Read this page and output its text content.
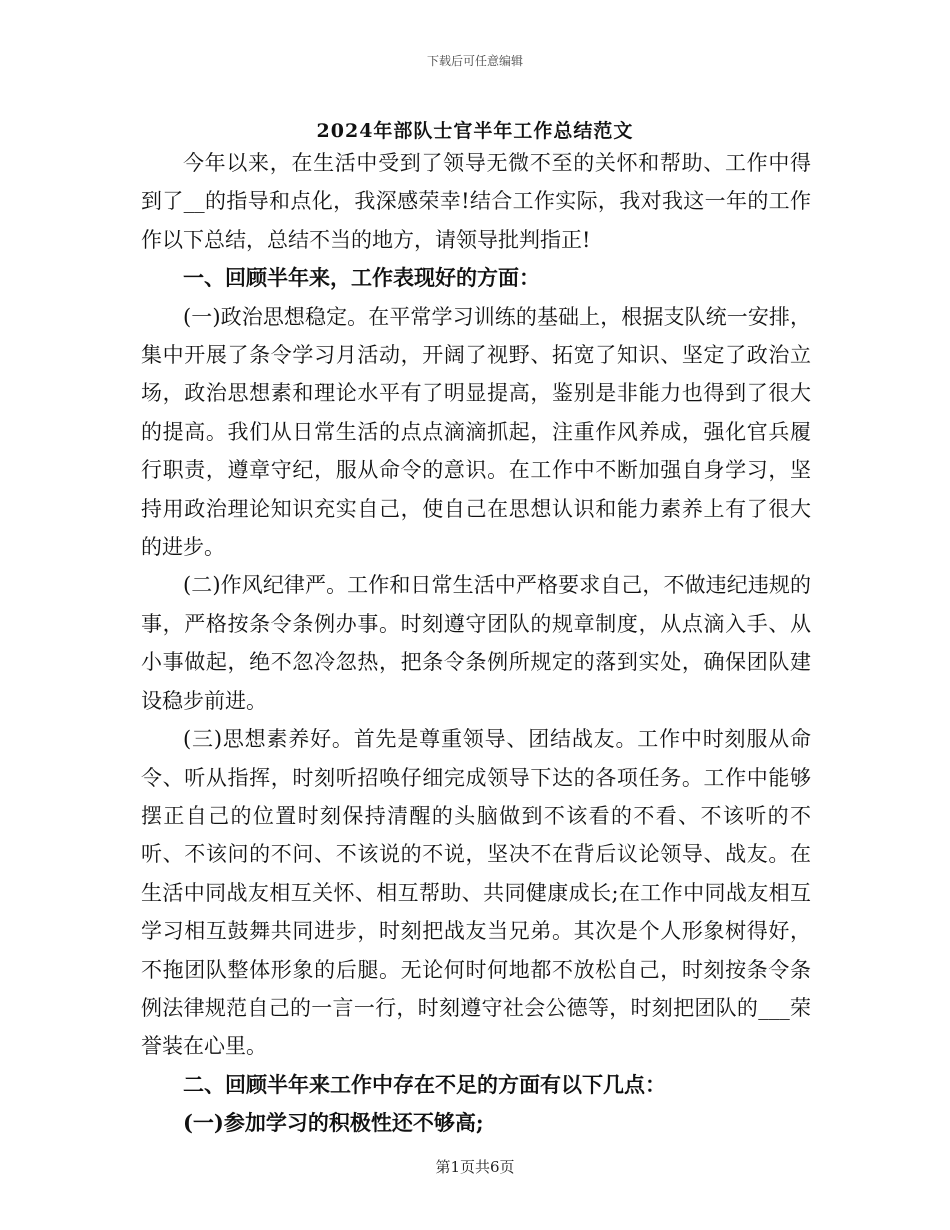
下载后可任意编辑
2024年部队士官半年工作总结范文

今年以来，在生活中受到了领导无微不至的关怀和帮助、工作中得到了__的指导和点化，我深感荣幸!结合工作实际，我对我这一年的工作作以下总结，总结不当的地方，请领导批判指正!

一、回顾半年来，工作表现好的方面：

(一)政治思想稳定。在平常学习训练的基础上，根据支队统一安排，集中开展了条令学习月活动，开阔了视野、拓宽了知识、坚定了政治立场，政治思想素和理论水平有了明显提高，鉴别是非能力也得到了很大的提高。我们从日常生活的点点滴滴抓起，注重作风养成，强化官兵履行职责，遵章守纪，服从命令的意识。在工作中不断加强自身学习，坚持用政治理论知识充实自己，使自己在思想认识和能力素养上有了很大的进步。

(二)作风纪律严。工作和日常生活中严格要求自己，不做违纪违规的事，严格按条令条例办事。时刻遵守团队的规章制度，从点滴入手、从小事做起，绝不忽冷忽热，把条令条例所规定的落到实处，确保团队建设稳步前进。

(三)思想素养好。首先是尊重领导、团结战友。工作中时刻服从命令、听从指挥，时刻听招唤仔细完成领导下达的各项任务。工作中能够摆正自己的位置时刻保持清醒的头脑做到不该看的不看、不该听的不听、不该问的不问、不该说的不说，坚决不在背后议论领导、战友。在生活中同战友相互关怀、相互帮助、共同健康成长;在工作中同战友相互学习相互鼓舞共同进步，时刻把战友当兄弟。其次是个人形象树得好，不拖团队整体形象的后腿。无论何时何地都不放松自己，时刻按条令条例法律规范自己的一言一行，时刻遵守社会公德等，时刻把团队的___荣誉装在心里。

二、回顾半年来工作中存在不足的方面有以下几点：

(一)参加学习的积极性还不够高;

第1页共6页
